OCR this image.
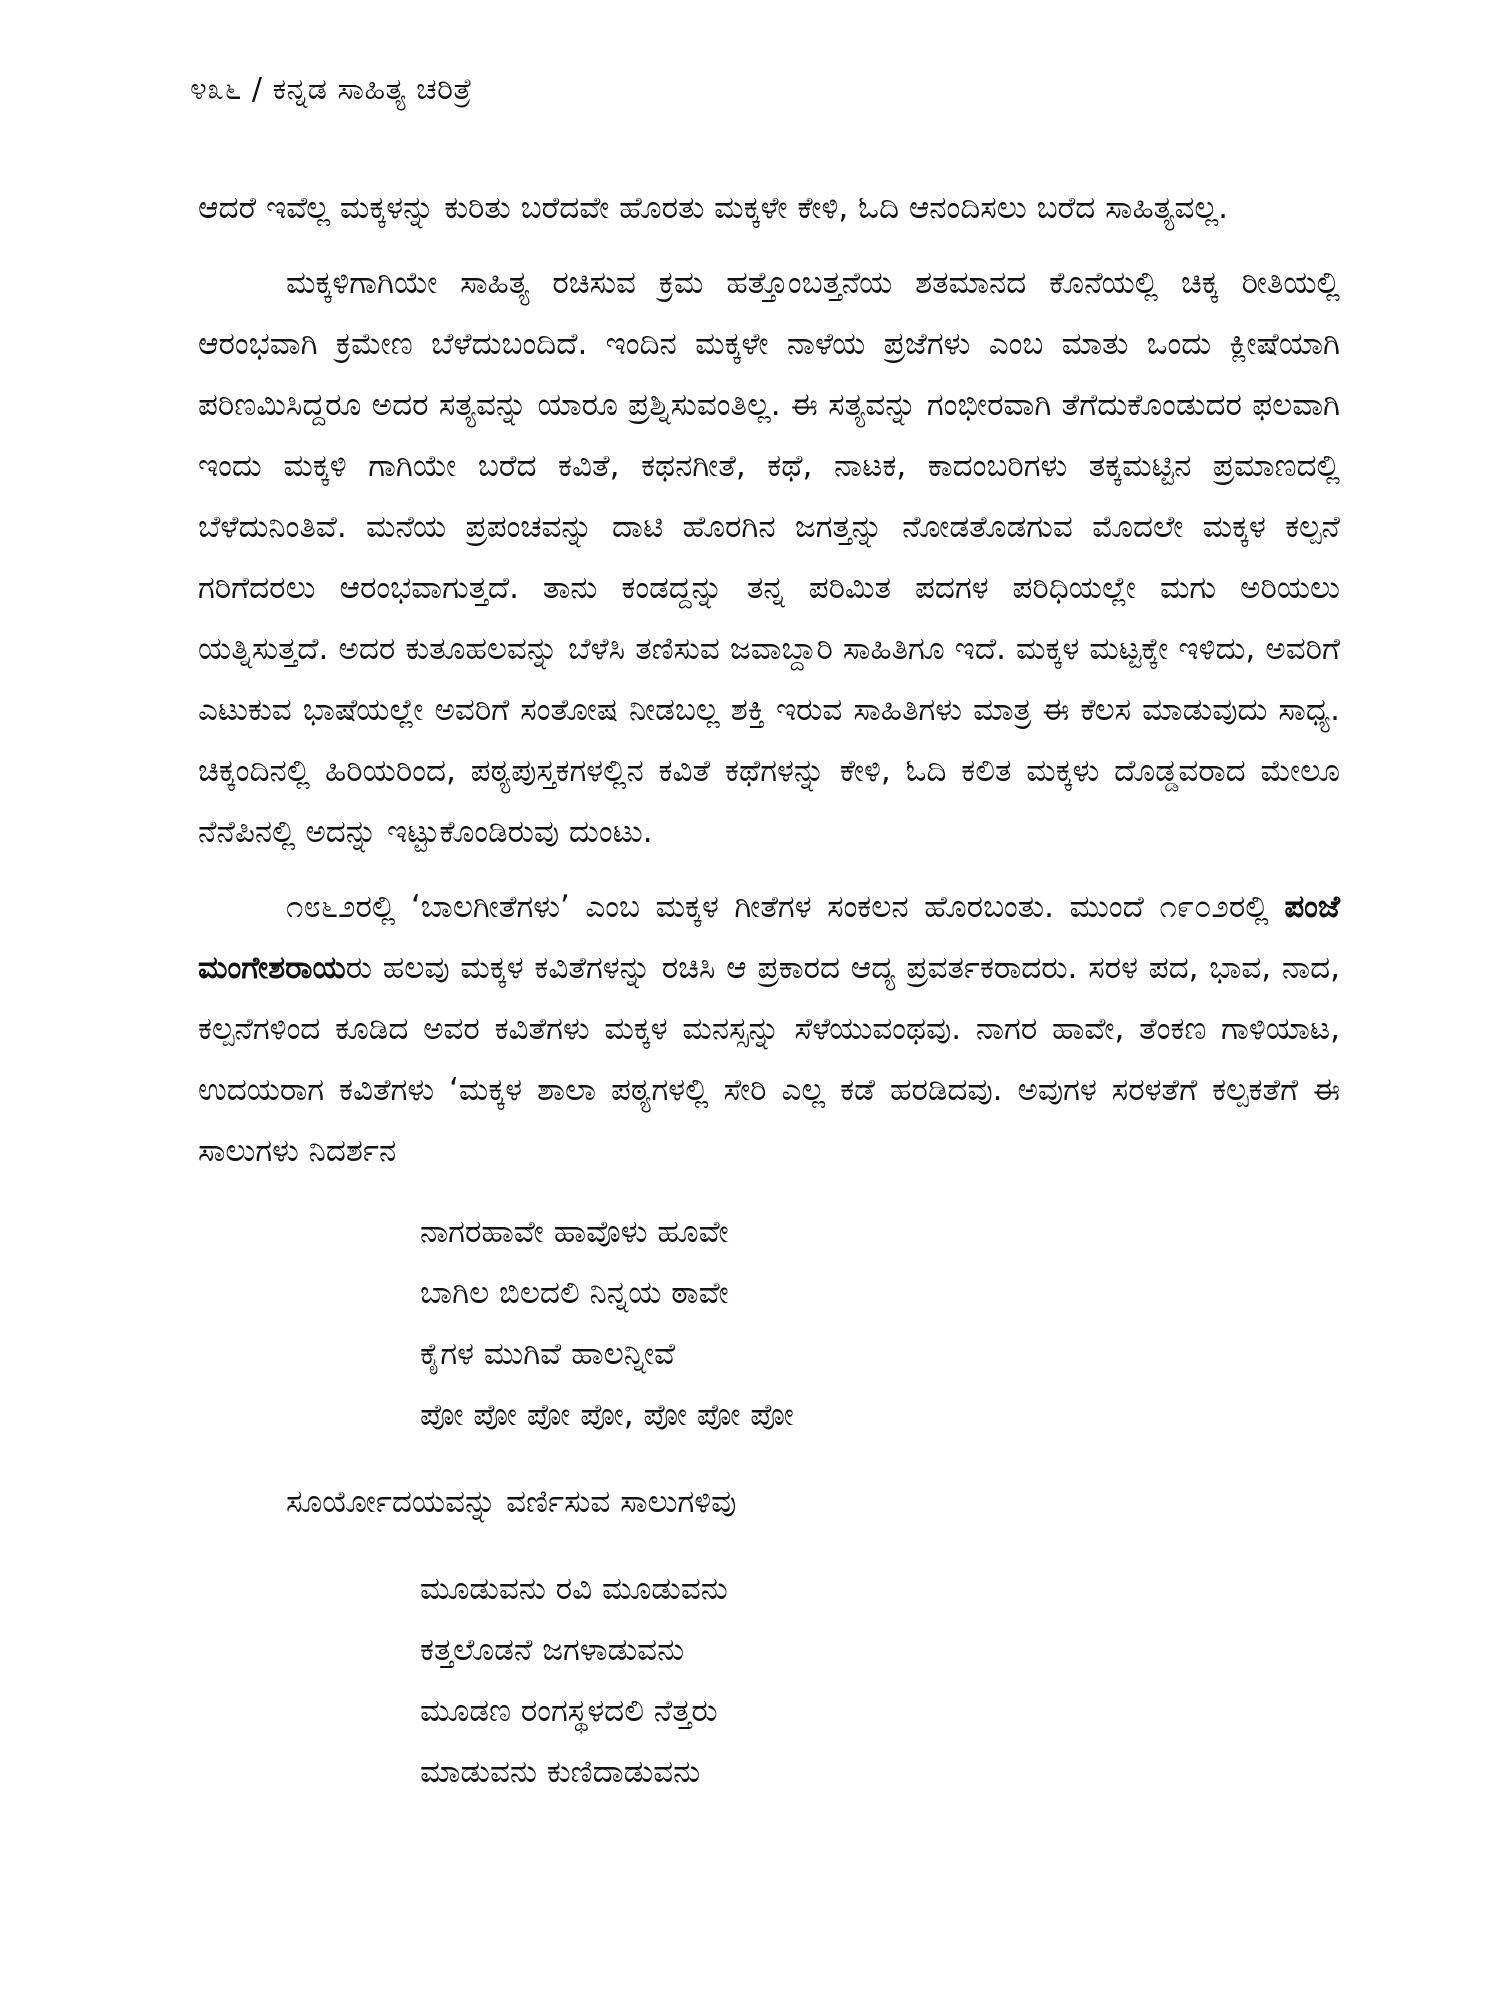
೪೩೬ / ಕನ್ನಡ ಸಾಹಿತ್ಯ ಚರಿತ್ರೆ

ಆದರೆ ಇವೆಲ್ಲ ಮಕ್ಕಳನ್ನು ಕುರಿತು ಬರೆದವೇ ಹೊರತು ಮಕ್ಕಳೇ ಕೇಳಿ, ಓದಿ ಆನಂದಿಸಲು ಬರೆದ ಸಾಹಿತ್ಯವಲ್ಲ.

ಮಕ್ಕಳಿಗಾಗಿಯೇ ಸಾಹಿತ್ಯ ರಚಿಸುವ ಕ್ರಮ ಹತ್ತೊಂಬತ್ತನೆಯ ಶತಮಾನದ ಕೊನೆಯಲ್ಲಿ ಚಿಕ್ಕ ರೀತಿಯಲ್ಲಿ ಆರಂಭವಾಗಿ ಕ್ರಮೇಣ ಬೆಳೆದುಬಂದಿದೆ. ಇಂದಿನ ಮಕ್ಕಳೇ ನಾಳೆಯ ಪ್ರಜೆಗಳು ಎಂಬ ಮಾತು ಒಂದು ಕ್ಲೀಷೆಯಾಗಿ ಪರಿಣಮಿಸಿದ್ದರೂ ಅದರ ಸತ್ಯವನ್ನು ಯಾರೂ ಪ್ರಶ್ನಿಸುವಂತಿಲ್ಲ. ಈ ಸತ್ಯವನ್ನು ಗಂಭೀರವಾಗಿ ತೆಗೆದುಕೊಂಡುದರ ಫಲವಾಗಿ ಇಂದು ಮಕ್ಕಳಿ ಗಾಗಿಯೇ ಬರೆದ ಕವಿತೆ, ಕಥನಗೀತೆ, ಕಥೆ, ನಾಟಕ, ಕಾದಂಬರಿಗಳು ತಕ್ಕಮಟ್ಟಿನ ಪ್ರಮಾಣದಲ್ಲಿ ಬೆಳೆದುನಿಂತಿವೆ. ಮನೆಯ ಪ್ರಪಂಚವನ್ನು ದಾಟಿ ಹೊರಗಿನ ಜಗತ್ತನ್ನು ನೋಡತೊಡಗುವ ಮೊದಲೇ ಮಕ್ಕಳ ಕಲ್ಪನೆ ಗರಿಗೆದರಲು ಆರಂಭವಾಗುತ್ತದೆ. ತಾನು ಕಂಡದ್ದನ್ನು ತನ್ನ ಪರಿಮಿತ ಪದಗಳ ಪರಿಧಿಯಲ್ಲೇ ಮಗು ಅರಿಯಲು ಯತ್ನಿಸುತ್ತದೆ. ಅದರ ಕುತೂಹಲವನ್ನು ಬೆಳೆಸಿ ತಣಿಸುವ ಜವಾಬ್ದಾರಿ ಸಾಹಿತಿಗೂ ಇದೆ. ಮಕ್ಕಳ ಮಟ್ಟಕ್ಕೇ ಇಳಿದು, ಅವರಿಗೆ ಎಟುಕುವ ಭಾಷೆಯಲ್ಲೇ ಅವರಿಗೆ ಸಂತೋಷ ನೀಡಬಲ್ಲ ಶಕ್ತಿ ಇರುವ ಸಾಹಿತಿಗಳು ಮಾತ್ರ ಈ ಕೆಲಸ ಮಾಡುವುದು ಸಾಧ್ಯ. ಚಿಕ್ಕಂದಿನಲ್ಲಿ ಹಿರಿಯರಿಂದ, ಪಠ್ಯಪುಸ್ತಕಗಳಲ್ಲಿನ ಕವಿತೆ ಕಥೆಗಳನ್ನು ಕೇಳಿ, ಓದಿ ಕಲಿತ ಮಕ್ಕಳು ದೊಡ್ಡವರಾದ ಮೇಲೂ ನೆನೆಪಿನಲ್ಲಿ ಅದನ್ನು ಇಟ್ಟುಕೊಂಡಿರುವು ದುಂಟು.

೧೮೬೨ರಲ್ಲಿ ‘ಬಾಲಗೀತೆಗಳು’ ಎಂಬ ಮಕ್ಕಳ ಗೀತೆಗಳ ಸಂಕಲನ ಹೊರಬಂತು. ಮುಂದೆ ೧೯೦೨ರಲ್ಲಿ ಪಂಜೆ ಮಂಗೇಶರಾಯರು ಹಲವು ಮಕ್ಕಳ ಕವಿತೆಗಳನ್ನು ರಚಿಸಿ ಆ ಪ್ರಕಾರದ ಆದ್ಯ ಪ್ರವರ್ತಕರಾದರು. ಸರಳ ಪದ, ಭಾವ, ನಾದ, ಕಲ್ಪನೆಗಳಿಂದ ಕೂಡಿದ ಅವರ ಕವಿತೆಗಳು ಮಕ್ಕಳ ಮನಸ್ಸನ್ನು ಸೆಳೆಯುವಂಥವು. ನಾಗರ ಹಾವೇ, ತೆಂಕಣ ಗಾಳಿಯಾಟ, ಉದಯರಾಗ ಕವಿತೆಗಳು ‘ಮಕ್ಕಳ ಶಾಲಾ ಪಠ್ಯಗಳಲ್ಲಿ ಸೇರಿ ಎಲ್ಲ ಕಡೆ ಹರಡಿದವು. ಅವುಗಳ ಸರಳತೆಗೆ ಕಲ್ಪಕತೆಗೆ ಈ ಸಾಲುಗಳು ನಿದರ್ಶನ

ನಾಗರಹಾವೇ ಹಾವೊಳು ಹೂವೇ
ಬಾಗಿಲ ಬಿಲದಲಿ ನಿನ್ನಯ ಠಾವೇ
ಕೈಗಳ ಮುಗಿವೆ ಹಾಲನ್ನೀವೆ
ಪೋ ಪೋ ಪೋ ಪೋ, ಪೋ ಪೋ ಪೋ

ಸೂರ್ಯೋದಯವನ್ನು ವರ್ಣಿಸುವ ಸಾಲುಗಳಿವು

ಮೂಡುವನು ರವಿ ಮೂಡುವನು
ಕತ್ತಲೊಡನೆ ಜಗಳಾಡುವನು
ಮೂಡಣ ರಂಗಸ್ಥಳದಲಿ ನೆತ್ತರು
ಮಾಡುವನು ಕುಣಿದಾಡುವನು
